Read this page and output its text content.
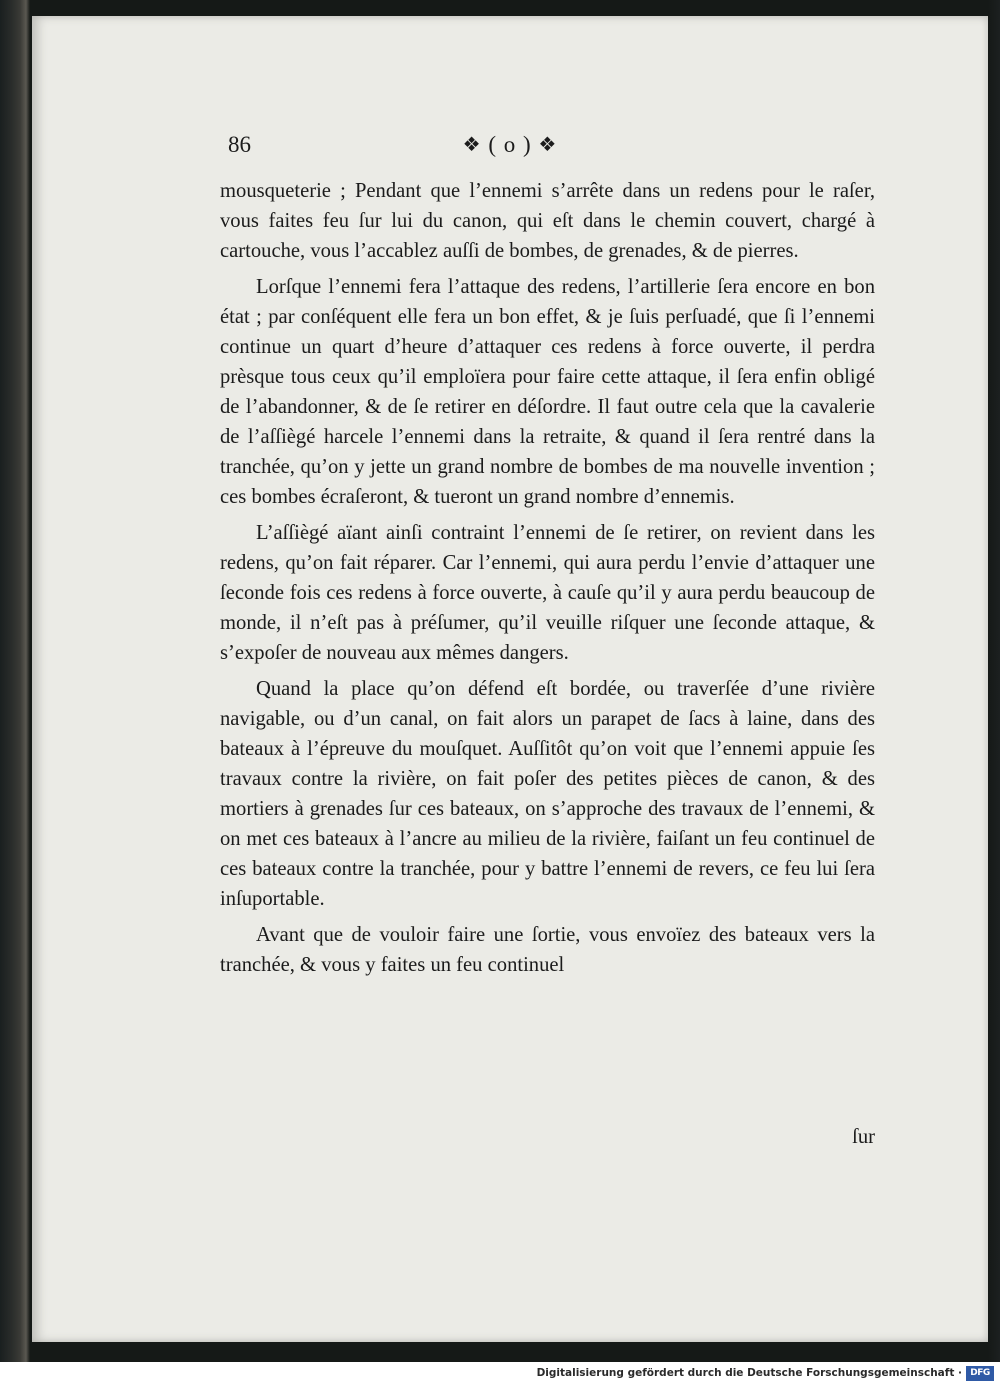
86	❖ ( o ) ❖

mousqueterie ; Pendant que l’ennemi s’arrête dans un redens pour le raſer, vous faites feu ſur lui du canon, qui eſt dans le chemin couvert, chargé à cartouche, vous l’accablez auſſi de bombes, de grenades, & de pierres.

Lorſque l’ennemi fera l’attaque des redens, l’artillerie ſera encore en bon état ; par conſéquent elle fera un bon effet, & je ſuis perſuadé, que ſi l’ennemi continue un quart d’heure d’attaquer ces redens à force ouverte, il perdra prèsque tous ceux qu’il emploïera pour faire cette attaque, il ſera enfin obligé de l’abandonner, & de ſe retirer en déſordre. Il faut outre cela que la cavalerie de l’aſſiègé harcele l’ennemi dans la retraite, & quand il ſera rentré dans la tranchée, qu’on y jette un grand nombre de bombes de ma nouvelle invention ; ces bombes écraſeront, & tueront un grand nombre d’ennemis.

L’aſſiègé aïant ainſi contraint l’ennemi de ſe retirer, on revient dans les redens, qu’on fait réparer. Car l’ennemi, qui aura perdu l’envie d’attaquer une ſeconde fois ces redens à force ouverte, à cauſe qu’il y aura perdu beaucoup de monde, il n’eſt pas à préſumer, qu’il veuille riſquer une ſeconde attaque, & s’expoſer de nouveau aux mêmes dangers.

Quand la place qu’on défend eſt bordée, ou traverſée d’une rivière navigable, ou d’un canal, on fait alors un parapet de ſacs à laine, dans des bateaux à l’épreuve du mouſquet. Auſſitôt qu’on voit que l’ennemi appuie ſes travaux contre la rivière, on fait poſer des petites pièces de canon, & des mortiers à grenades ſur ces bateaux, on s’approche des travaux de l’ennemi, & on met ces bateaux à l’ancre au milieu de la rivière, faiſant un feu continuel de ces bateaux contre la tranchée, pour y battre l’ennemi de revers, ce feu lui ſera inſuportable.

Avant que de vouloir faire une ſortie, vous envoïez des bateaux vers la tranchée, & vous y faites un feu continuel

ſur
Digitalisierung gefördert durch die Deutsche Forschungsgemeinschaft · DFG
